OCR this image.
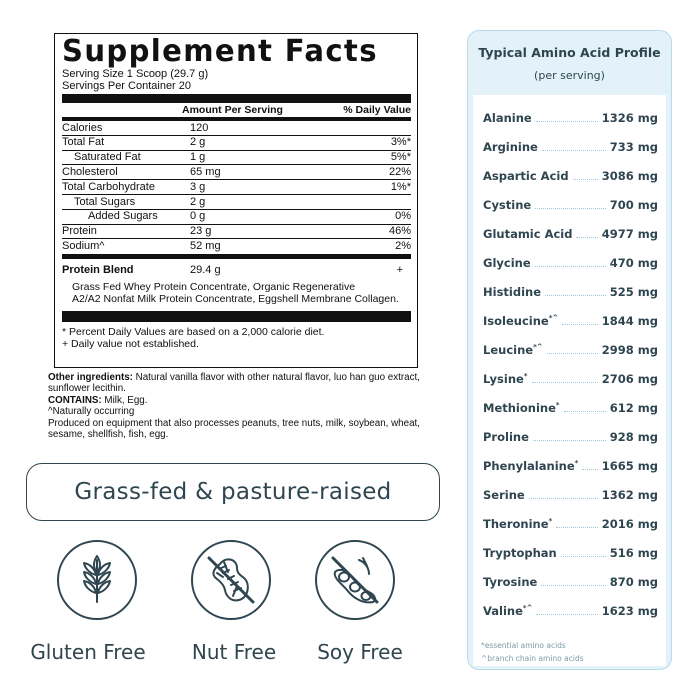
Supplement Facts
Serving Size 1 Scoop (29.7 g)
Servings Per Container 20
Amount Per Serving	% Daily Value
Calories	120
Total Fat	2 g	3%*
Saturated Fat	1 g	5%*
Cholesterol	65 mg	22%
Total Carbohydrate	3 g	1%*
Total Sugars	2 g
Added Sugars	0 g	0%
Protein	23 g	46%
Sodium^	52 mg	2%
Protein Blend	29.4 g	+
Grass Fed Whey Protein Concentrate, Organic Regenerative
A2/A2 Nonfat Milk Protein Concentrate, Eggshell Membrane Collagen.
* Percent Daily Values are based on a 2,000 calorie diet.
+ Daily value not established.
Other ingredients: Natural vanilla flavor with other natural flavor, luo han guo extract, sunflower lecithin.
CONTAINS: Milk, Egg.
^Naturally occurring
Produced on equipment that also processes peanuts, tree nuts, milk, soybean, wheat, sesame, shellfish, fish, egg.
Grass-fed & pasture-raised
Gluten Free	Nut Free	Soy Free
Typical Amino Acid Profile
(per serving)
Alanine	1326 mg
Arginine	733 mg
Aspartic Acid	3086 mg
Cystine	700 mg
Glutamic Acid	4977 mg
Glycine	470 mg
Histidine	525 mg
Isoleucine*^	1844 mg
Leucine*^	2998 mg
Lysine*	2706 mg
Methionine*	612 mg
Proline	928 mg
Phenylalanine* 1665 mg
Serine	1362 mg
Theronine*	2016 mg
Tryptophan	516 mg
Tyrosine	870 mg
Valine*^	1623 mg
*essential amino acids
^branch chain amino acids
